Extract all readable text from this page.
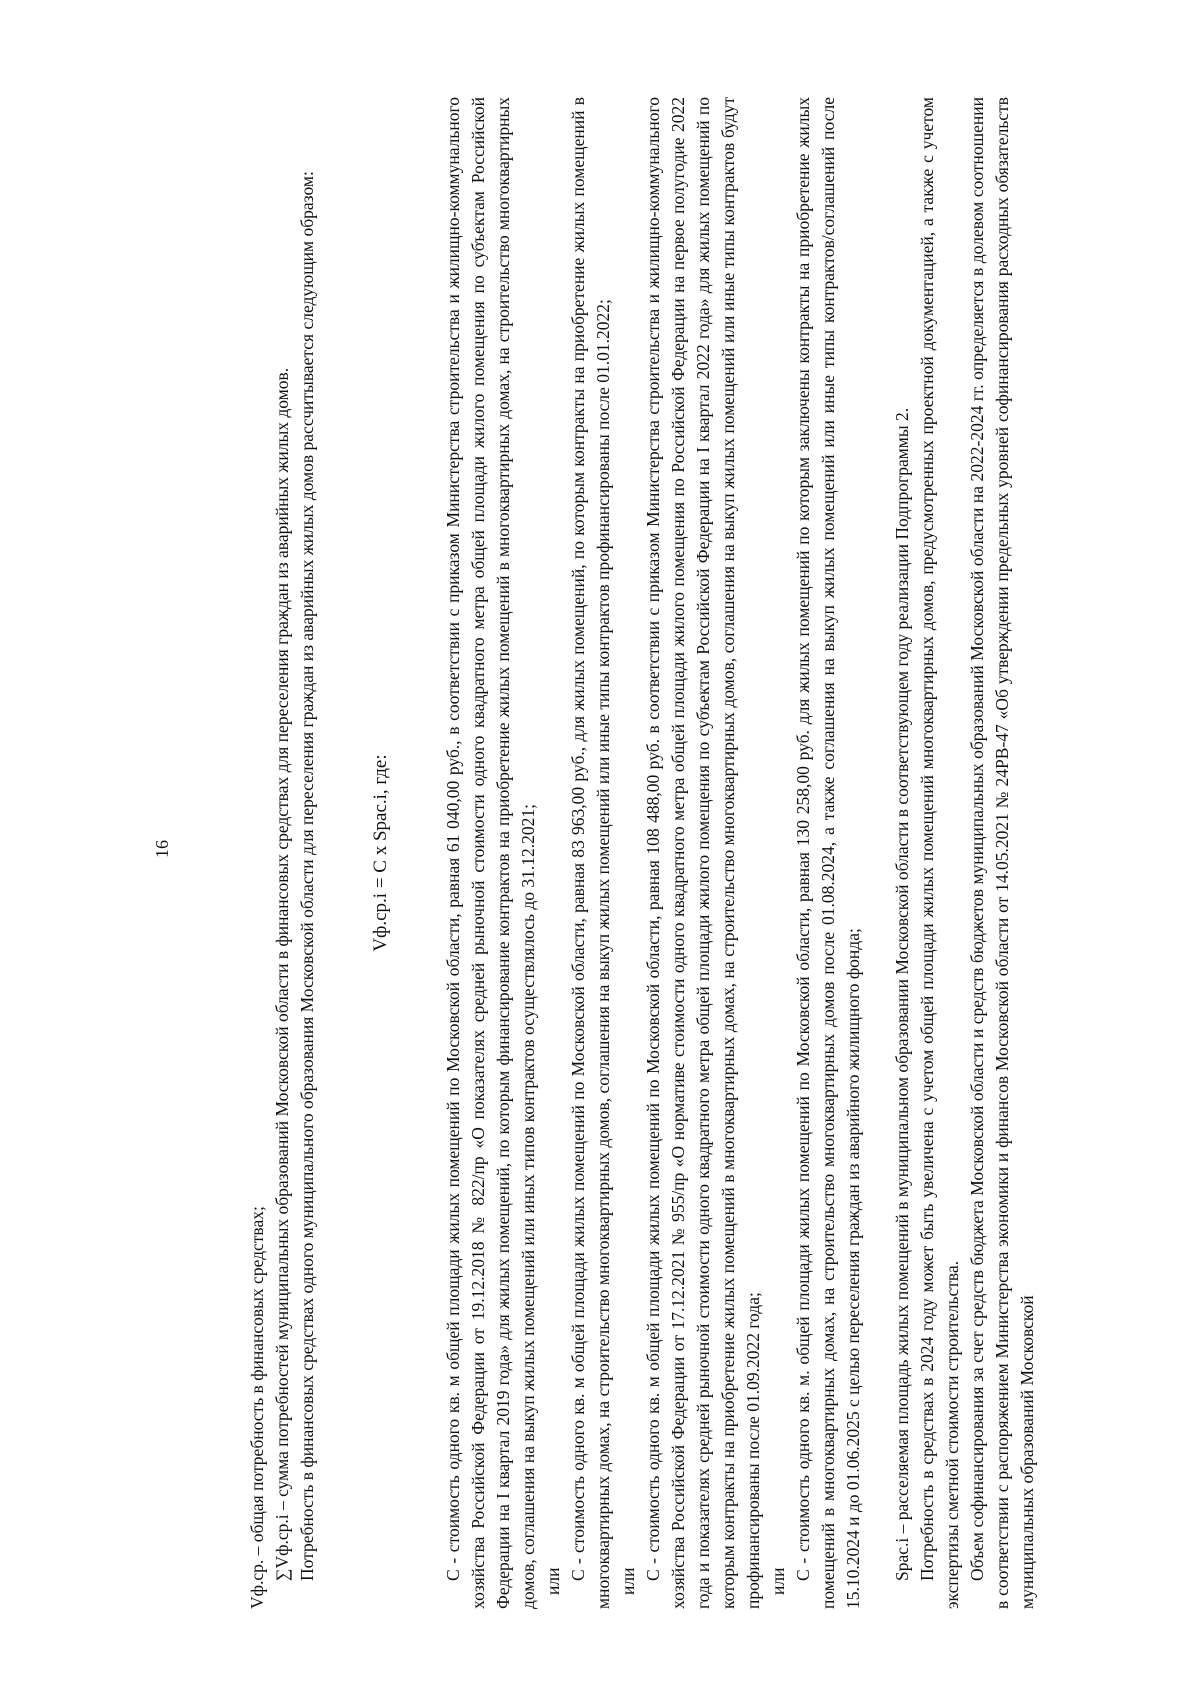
16

Vф.ср. – общая потребность в финансовых средствах; ∑Vф.ср.i – сумма потребностей муниципальных образований Московской области в финансовых средствах для переселения граждан из аварийных жилых домов. Потребность в финансовых средствах одного муниципального образования Московской области для переселения граждан из аварийных жилых домов рассчитывается следующим образом:	Vф.ср.i = С x Sрас.i, где:	С - стоимость одного кв. м общей площади жилых помещений по Московской области, равная 61 040,00 руб., в соответствии с приказом Министерства строительства и жилищно-коммунального хозяйства Российской Федерации от 19.12.2018 № 822/пр «О показателях средней рыночной стоимости одного квадратного метра общей площади жилого помещения по субъектам Российской Федерации на I квартал 2019 года» для жилых помещений, по которым финансирование контрактов на приобретение жилых помещений в многоквартирных домах, на строительство многоквартирных домов, соглашения на выкуп жилых помещений или иных типов контрактов осуществлялось до 31.12.2021; или

С - стоимость одного кв. м общей площади жилых помещений по Московской области, равная 83 963,00 руб., для жилых помещений, по которым контракты на приобретение жилых помещений в многоквартирных домах, на строительство многоквартирных домов, соглашения на выкуп жилых помещений или иные типы контрактов профинансированы после 01.01.2022; или

С - стоимость одного кв. м общей площади жилых помещений по Московской области, равная 108 488,00 руб. в соответствии с приказом Министерства строительства и жилищно-коммунального хозяйства Российской Федерации от 17.12.2021 № 955/пр «О нормативе стоимости одного квадратного метра общей площади жилого помещения по Российской Федерации на первое полугодие 2022 года и показателях средней рыночной стоимости одного квадратного метра общей площади жилого помещения по субъектам Российской Федерации на I квартал 2022 года» для жилых помещений по которым контракты на приобретение жилых помещений в многоквартирных домах, на строительство многоквартирных домов, соглашения на выкуп жилых помещений или иные типы контрактов будут профинансированы после 01.09.2022 года; или

С - стоимость одного кв. м. общей площади жилых помещений по Московской области, равная 130 258,00 руб. для жилых помещений по которым заключены контракты на приобретение жилых помещений в многоквартирных домах, на строительство многоквартирных домов после 01.08.2024, а также соглашения на выкуп жилых помещений или иные типы контрактов/соглашений после 15.10.2024 и до 01.06.2025 с целью переселения граждан из аварийного жилищного фонда; Sрас.i – расселяемая площадь жилых помещений в муниципальном образовании Московской области в соответствующем году реализации Подпрограммы 2. Потребность в средствах в 2024 году может быть увеличена с учетом общей площади жилых помещений многоквартирных домов, предусмотренных проектной документацией, а также с учетом экспертизы сметной стоимости строительства. Объем софинансирования за счет средств бюджета Московской области и средств бюджетов муниципальных образований Московской области на 2022-2024 гг. определяется в долевом соотношении в соответствии с распоряжением Министерства экономики и финансов Московской области от 14.05.2021 № 24РВ-47 «Об утверждении предельных уровней софинансирования расходных обязательств муниципальных образований Московской
